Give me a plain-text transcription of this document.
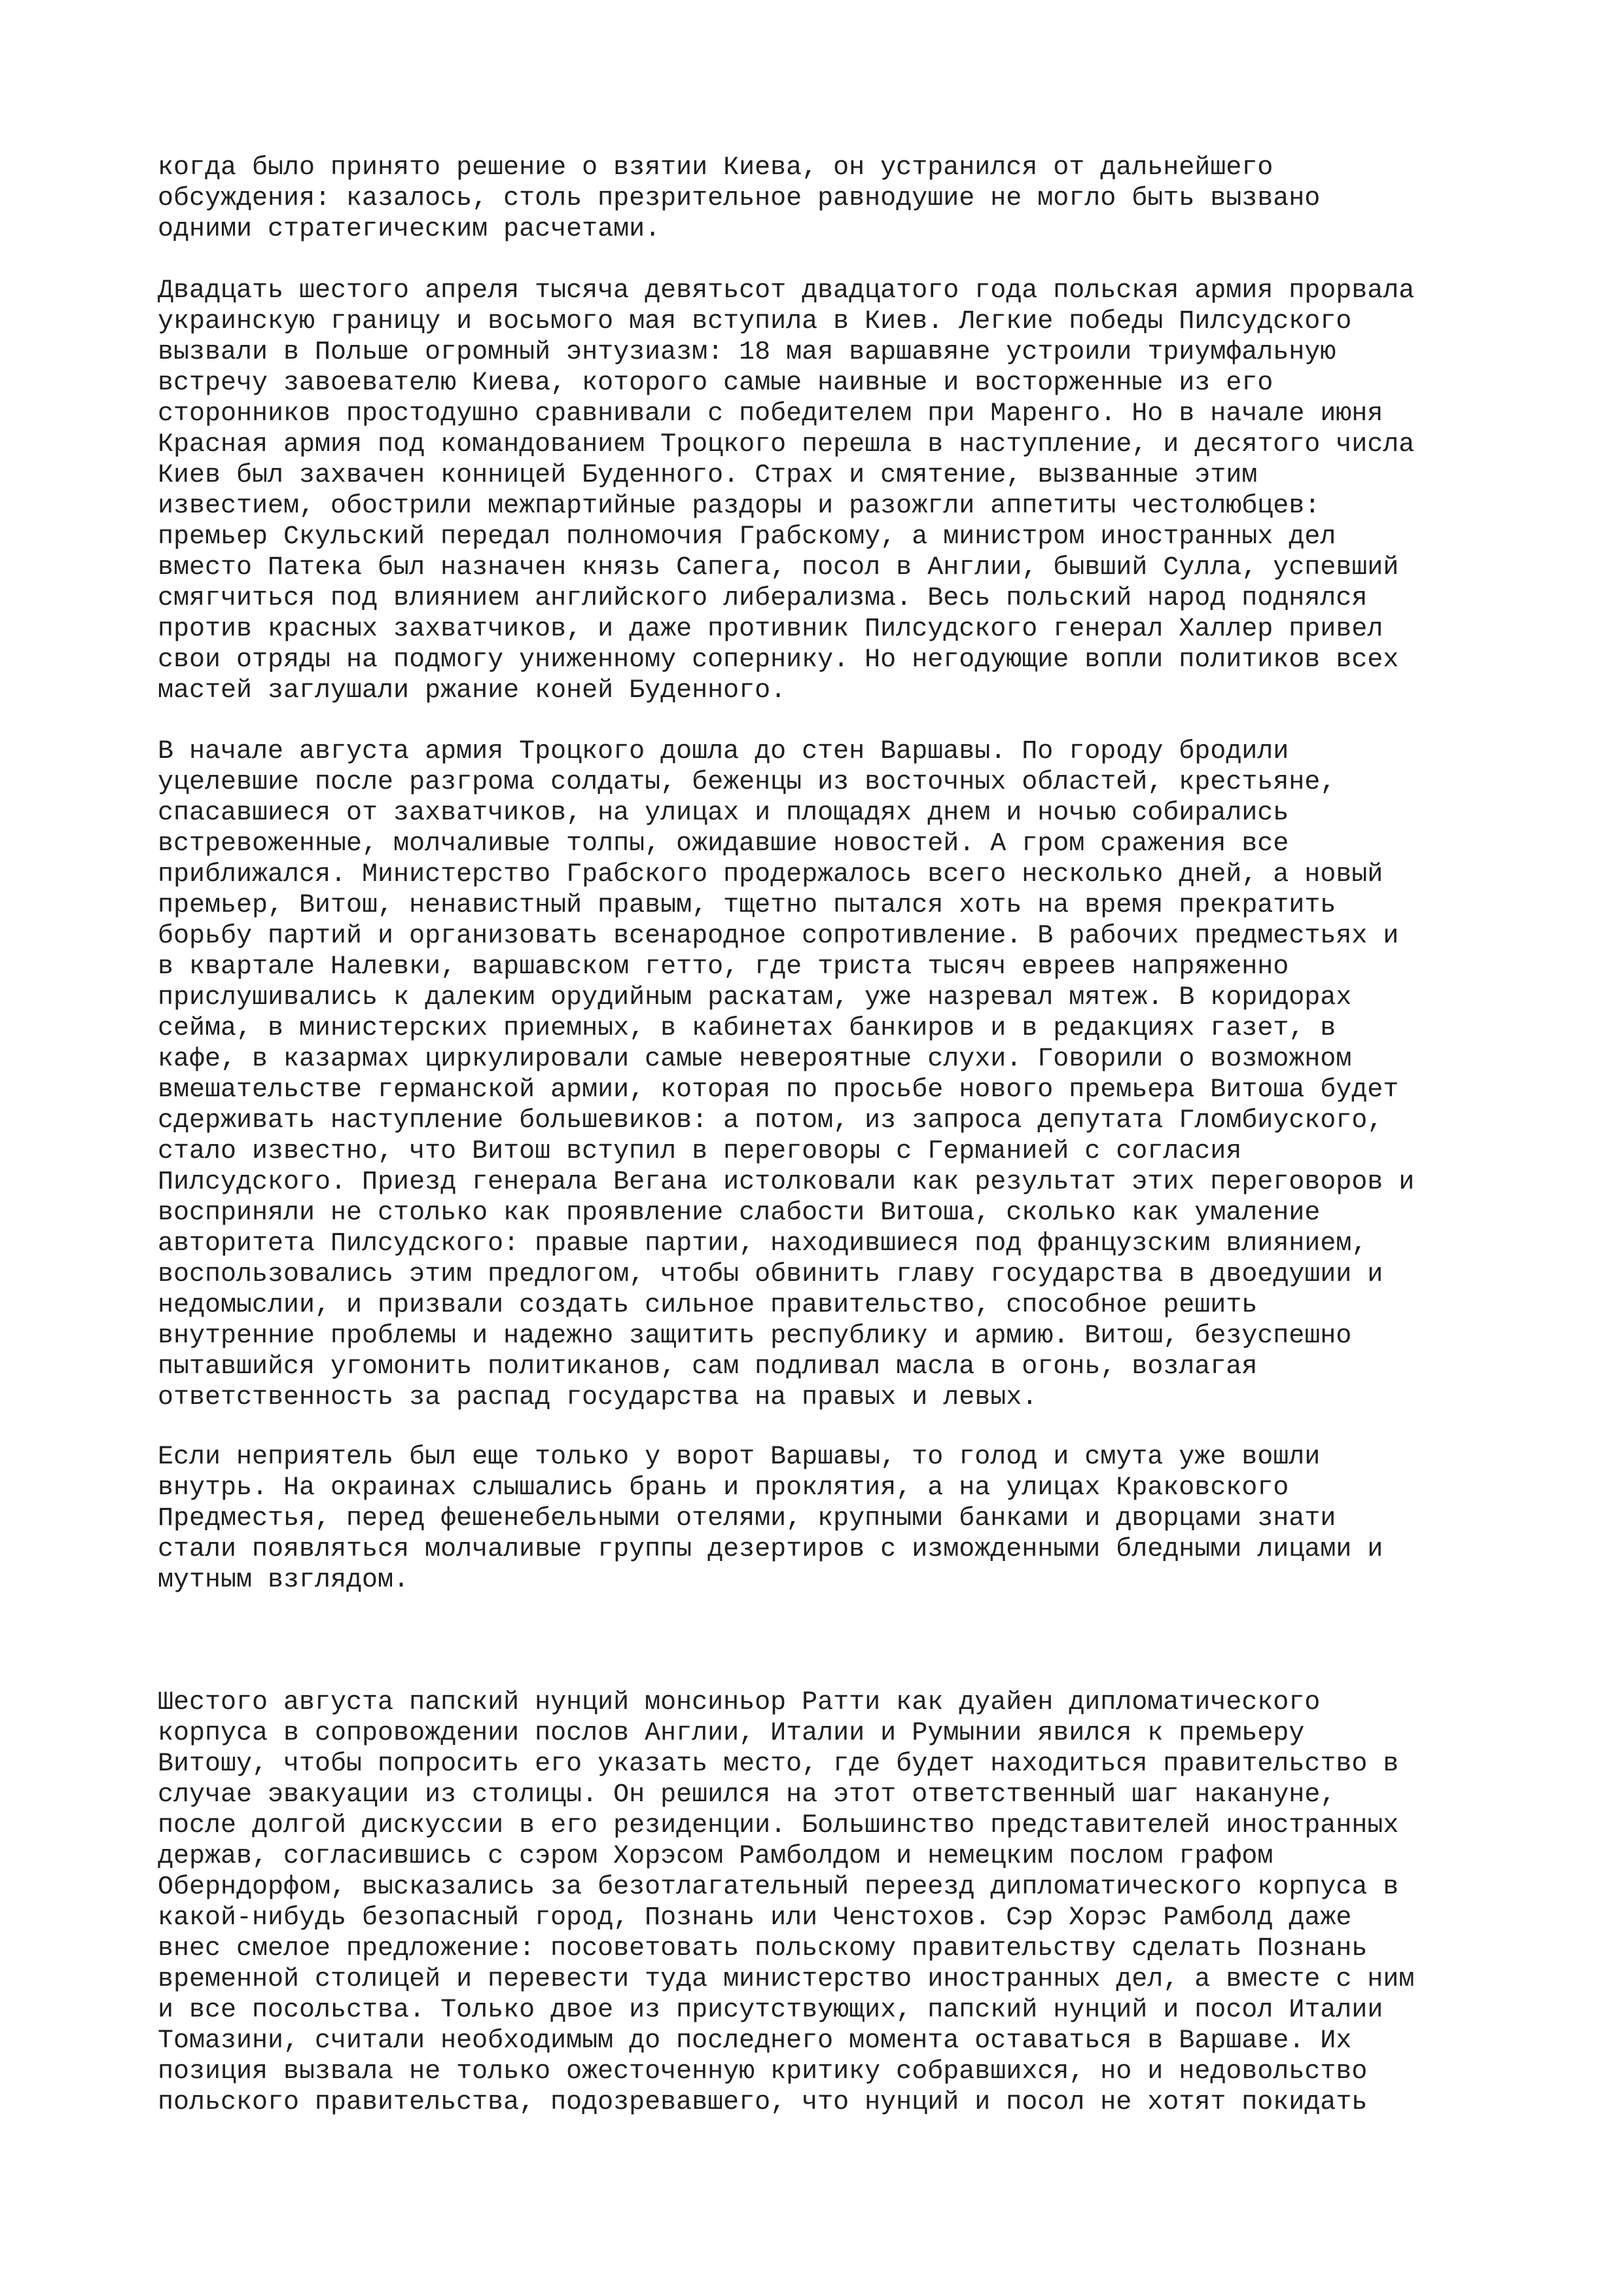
когда было принято решение о взятии Киева, он устранился от дальнейшего
обсуждения: казалось, столь презрительное равнодушие не могло быть вызвано
одними стратегическим расчетами.
Двадцать шестого апреля тысяча девятьсот двадцатого года польская армия прорвала
украинскую границу и восьмого мая вступила в Киев. Легкие победы Пилсудского
вызвали в Польше огромный энтузиазм: 18 мая варшавяне устроили триумфальную
встречу завоевателю Киева, которого самые наивные и восторженные из его
сторонников простодушно сравнивали с победителем при Маренго. Но в начале июня
Красная армия под командованием Троцкого перешла в наступление, и десятого числа
Киев был захвачен конницей Буденного. Страх и смятение, вызванные этим
известием, обострили межпартийные раздоры и разожгли аппетиты честолюбцев:
премьер Скульский передал полномочия Грабскому, а министром иностранных дел
вместо Патека был назначен князь Сапега, посол в Англии, бывший Сулла, успевший
смягчиться под влиянием английского либерализма. Весь польский народ поднялся
против красных захватчиков, и даже противник Пилсудского генерал Халлер привел
свои отряды на подмогу униженному сопернику. Но негодующие вопли политиков всех
мастей заглушали ржание коней Буденного.
В начале августа армия Троцкого дошла до стен Варшавы. По городу бродили
уцелевшие после разгрома солдаты, беженцы из восточных областей, крестьяне,
спасавшиеся от захватчиков, на улицах и площадях днем и ночью собирались
встревоженные, молчаливые толпы, ожидавшие новостей. А гром сражения все
приближался. Министерство Грабского продержалось всего несколько дней, а новый
премьер, Витош, ненавистный правым, тщетно пытался хоть на время прекратить
борьбу партий и организовать всенародное сопротивление. В рабочих предместьях и
в квартале Налевки, варшавском гетто, где триста тысяч евреев напряженно
прислушивались к далеким орудийным раскатам, уже назревал мятеж. В коридорах
сейма, в министерских приемных, в кабинетах банкиров и в редакциях газет, в
кафе, в казармах циркулировали самые невероятные слухи. Говорили о возможном
вмешательстве германской армии, которая по просьбе нового премьера Витоша будет
сдерживать наступление большевиков: а потом, из запроса депутата Гломбиуского,
стало известно, что Витош вступил в переговоры с Германией с согласия
Пилсудского. Приезд генерала Вегана истолковали как результат этих переговоров и
восприняли не столько как проявление слабости Витоша, сколько как умаление
авторитета Пилсудского: правые партии, находившиеся под французским влиянием,
воспользовались этим предлогом, чтобы обвинить главу государства в двоедушии и
недомыслии, и призвали создать сильное правительство, способное решить
внутренние проблемы и надежно защитить республику и армию. Витош, безуспешно
пытавшийся угомонить политиканов, сам подливал масла в огонь, возлагая
ответственность за распад государства на правых и левых.
Если неприятель был еще только у ворот Варшавы, то голод и смута уже вошли
внутрь. На окраинах слышались брань и проклятия, а на улицах Краковского
Предместья, перед фешенебельными отелями, крупными банками и дворцами знати
стали появляться молчаливые группы дезертиров с изможденными бледными лицами и
мутным взглядом.
Шестого августа папский нунций монсиньор Ратти как дуайен дипломатического
корпуса в сопровождении послов Англии, Италии и Румынии явился к премьеру
Витошу, чтобы попросить его указать место, где будет находиться правительство в
случае эвакуации из столицы. Он решился на этот ответственный шаг накануне,
после долгой дискуссии в его резиденции. Большинство представителей иностранных
держав, согласившись с сэром Хорэсом Рамболдом и немецким послом графом
Оберндорфом, высказались за безотлагательный переезд дипломатического корпуса в
какой-нибудь безопасный город, Познань или Ченстохов. Сэр Хорэс Рамболд даже
внес смелое предложение: посоветовать польскому правительству сделать Познань
временной столицей и перевести туда министерство иностранных дел, а вместе с ним
и все посольства. Только двое из присутствующих, папский нунций и посол Италии
Томазини, считали необходимым до последнего момента оставаться в Варшаве. Их
позиция вызвала не только ожесточенную критику собравшихся, но и недовольство
польского правительства, подозревавшего, что нунций и посол не хотят покидать
